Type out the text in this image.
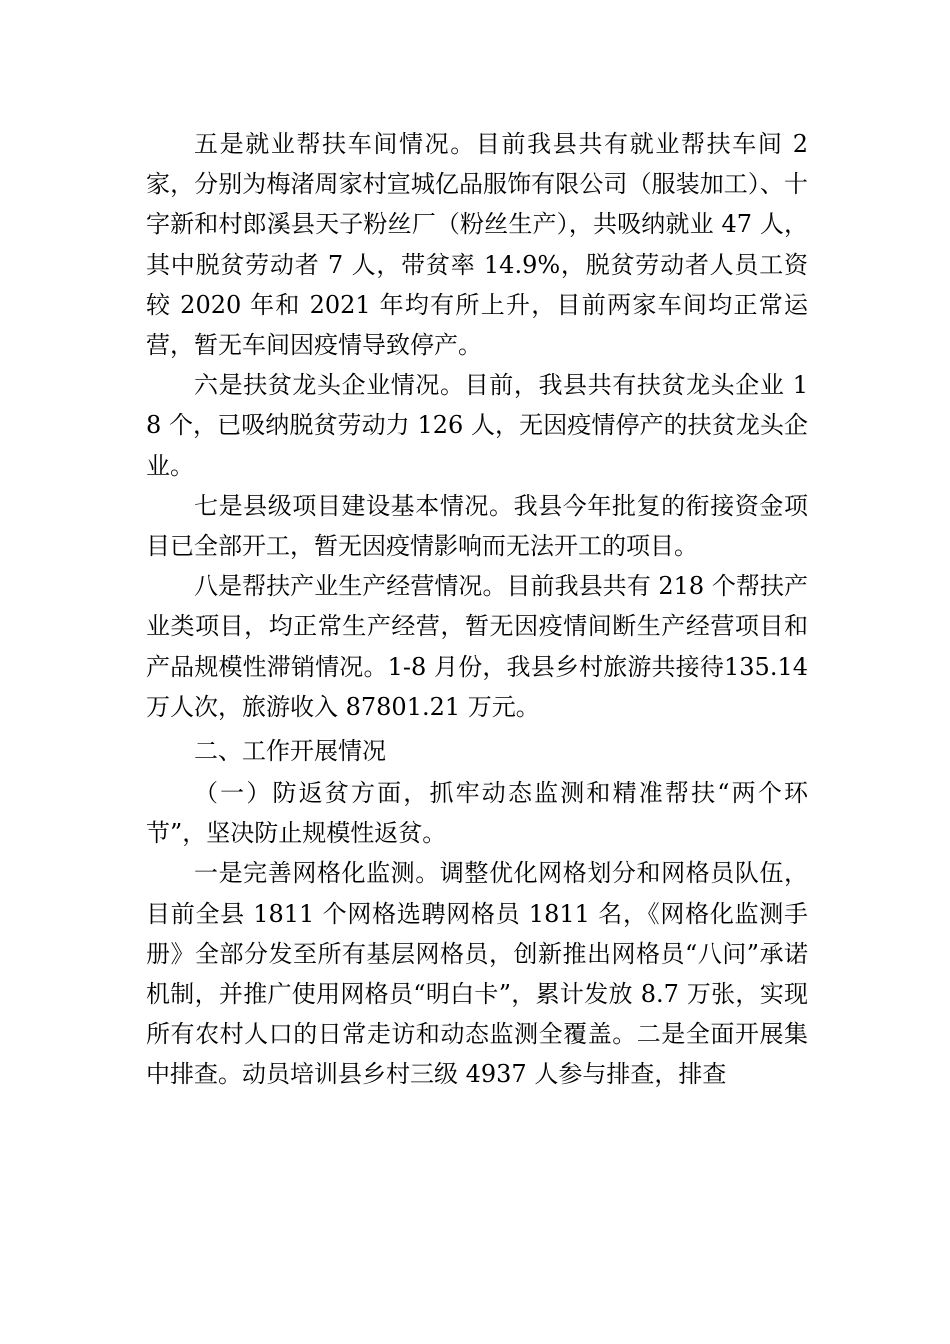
五是就业帮扶车间情况。目前我县共有就业帮扶车间 2 家，分别为梅渚周家村宣城亿品服饰有限公司（服装加工）、十字新和村郎溪县天子粉丝厂（粉丝生产），共吸纳就业 47 人，其中脱贫劳动者 7 人，带贫率 14.9%，脱贫劳动者人员工资较 2020 年和 2021 年均有所上升，目前两家车间均正常运营，暂无车间因疫情导致停产。

六是扶贫龙头企业情况。目前，我县共有扶贫龙头企业 18 个，已吸纳脱贫劳动力 126 人，无因疫情停产的扶贫龙头企业。

七是县级项目建设基本情况。我县今年批复的衔接资金项目已全部开工，暂无因疫情影响而无法开工的项目。

八是帮扶产业生产经营情况。目前我县共有 218 个帮扶产业类项目，均正常生产经营，暂无因疫情间断生产经营项目和产品规模性滞销情况。1-8 月份，我县乡村旅游共接待135.14 万人次，旅游收入 87801.21 万元。

二、工作开展情况

（一）防返贫方面，抓牢动态监测和精准帮扶“两个环节”，坚决防止规模性返贫。

一是完善网格化监测。调整优化网格划分和网格员队伍，目前全县 1811 个网格选聘网格员 1811 名，《网格化监测手册》全部分发至所有基层网格员，创新推出网格员“八问”承诺机制，并推广使用网格员“明白卡”，累计发放 8.7 万张，实现所有农村人口的日常走访和动态监测全覆盖。二是全面开展集中排查。动员培训县乡村三级 4937 人参与排查，排查
